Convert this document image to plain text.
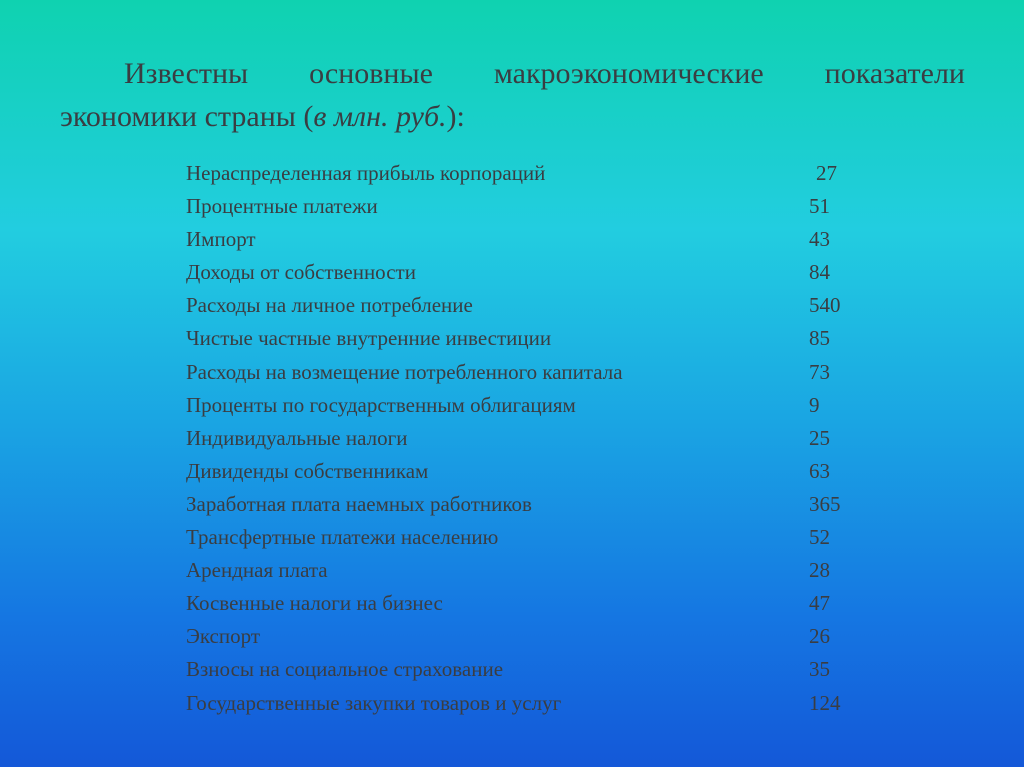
Известны основные макроэкономические показатели
экономики страны (в млн. руб.):
Нераспределенная прибыль корпораций	27
Процентные платежи	51
Импорт	43
Доходы от собственности	84
Расходы на личное потребление	540
Чистые частные внутренние инвестиции	85
Расходы на возмещение потребленного капитала	73
Проценты по государственным облигациям	9
Индивидуальные налоги	25
Дивиденды собственникам	63
Заработная плата наемных работников	365
Трансфертные платежи населению	52
Арендная плата	28
Косвенные налоги на бизнес	47
Экспорт	26
Взносы на социальное страхование	35
Государственные закупки товаров и услуг	124
